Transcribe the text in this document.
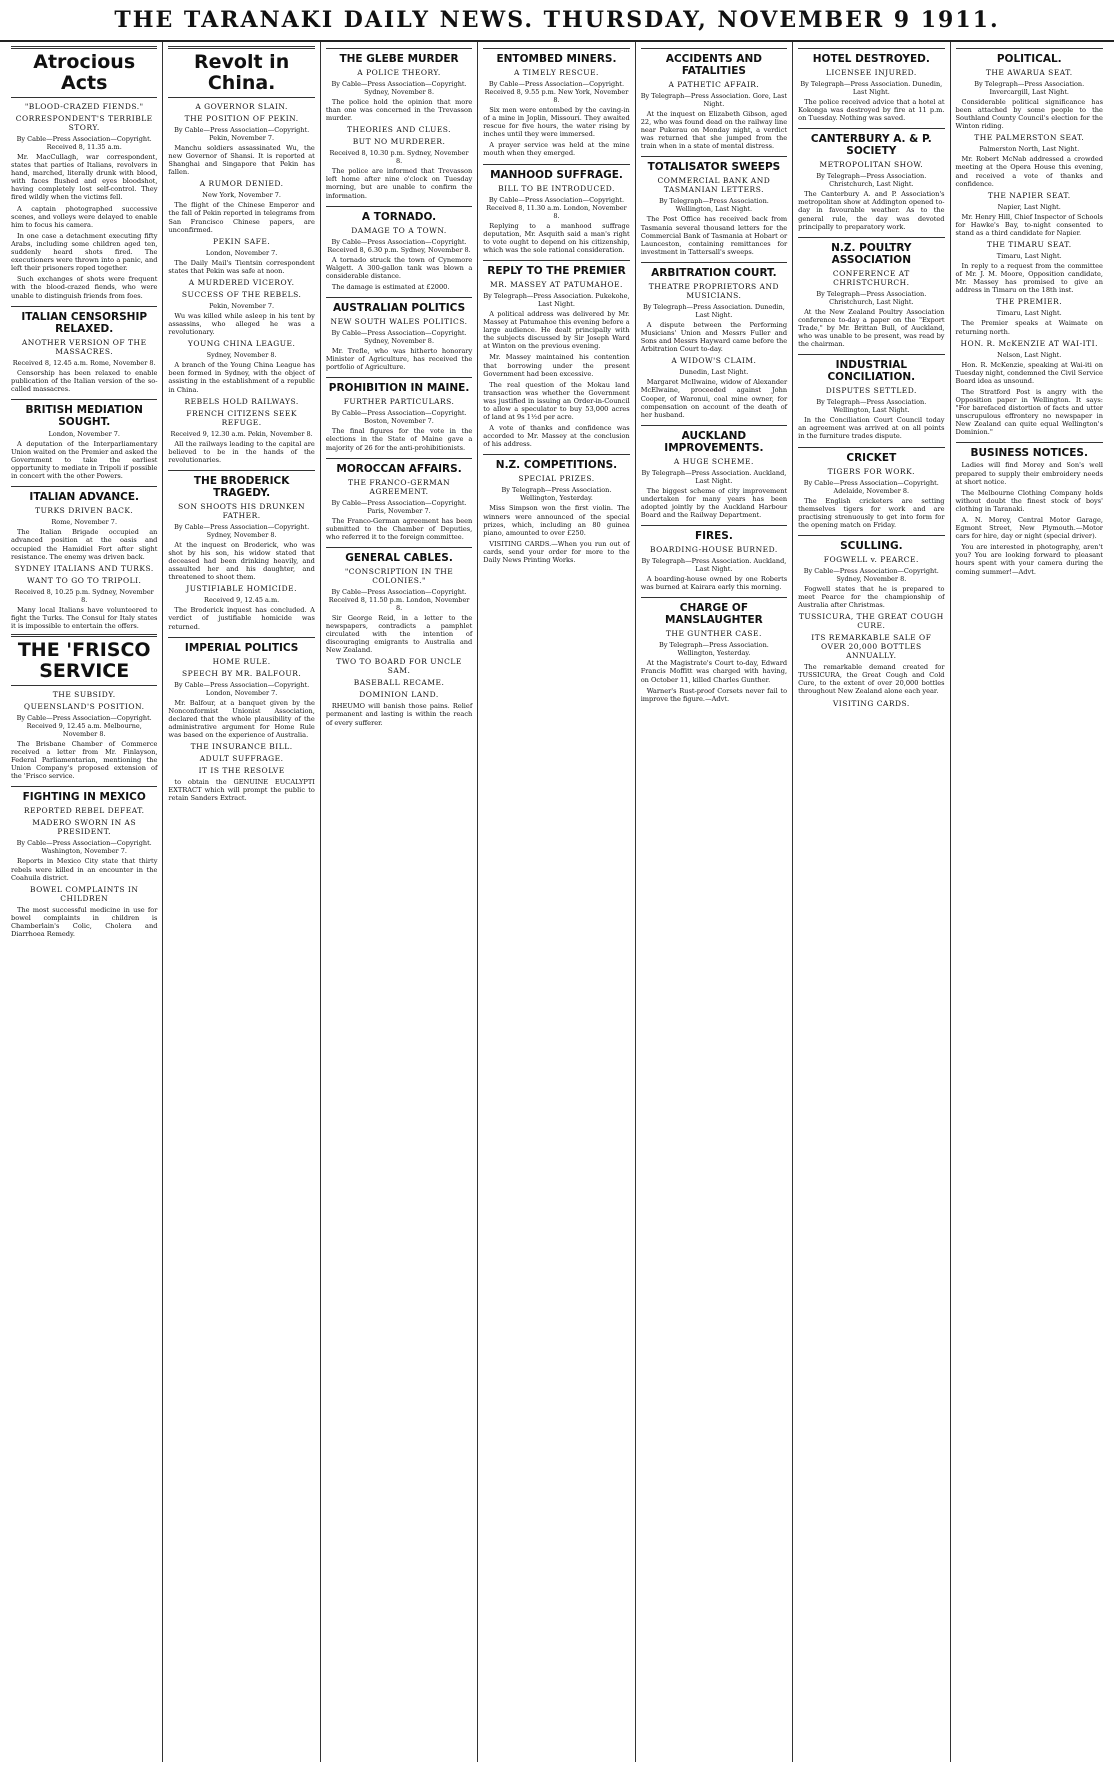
THE TARANAKI DAILY NEWS. THURSDAY, NOVEMBER 9 1911.
Atrocious Acts
"BLOOD-CRAZED FIENDS."
CORRESPONDENT'S TERRIBLE STORY.
By Cable—Press Association—Copyright. Received 8, 11.35 a.m.
Mr. MacCullagh, war correspondent, states that parties of Italians, revolvers in hand, marched, literally drunk with blood, with faces flushed and eyes bloodshot, having completely lost self-control. They fired wildly when the victims fell.
A captain photographed successive scenes, and volleys were delayed to enable him to focus his camera.
In one case a detachment executing fifty Arabs, including some children aged ten, suddenly heard shots fired. The executioners were thrown into a panic, and left their prisoners roped together.
Such exchanges of shots were frequent with the blood-crazed fiends, who were unable to distinguish friends from foes.
ITALIAN CENSORSHIP RELAXED.
ANOTHER VERSION OF THE MASSACRES.
Received 8, 12.45 a.m. Rome, November 8.
Censorship has been relaxed to enable publication of the Italian version of the so-called massacres.
BRITISH MEDIATION SOUGHT.
London, November 7.
A deputation of the Interparliamentary Union waited on the Premier and asked the Government to take the earliest opportunity to mediate in Tripoli if possible in concert with the other Powers.
ITALIAN ADVANCE.
TURKS DRIVEN BACK.
Rome, November 7.
The Italian Brigade occupied an advanced position at the oasis and occupied the Hamidiel Fort after slight resistance. The enemy was driven back.
SYDNEY ITALIANS AND TURKS.
WANT TO GO TO TRIPOLI.
Received 8, 10.25 p.m. Sydney, November 8.
Many local Italians have volunteered to fight the Turks. The Consul for Italy states it is impossible to entertain the offers.
THE 'FRISCO SERVICE
THE SUBSIDY.
QUEENSLAND'S POSITION.
By Cable—Press Association—Copyright. Received 9, 12.45 a.m. Melbourne, November 8.
The Brisbane Chamber of Commerce received a letter from Mr. Finlayson, Federal Parliamentarian, mentioning the Union Company's proposed extension of the 'Frisco service.
FIGHTING IN MEXICO
REPORTED REBEL DEFEAT.
MADERO SWORN IN AS PRESIDENT.
By Cable—Press Association—Copyright. Washington, November 7.
Reports in Mexico City state that thirty rebels were killed in an encounter in the Coahuila district.
BOWEL COMPLAINTS IN CHILDREN
The most successful medicine in use for bowel complaints in children is Chamberlain's Colic, Cholera and Diarrhoea Remedy.
Revolt in China.
A GOVERNOR SLAIN.
THE POSITION OF PEKIN.
By Cable—Press Association—Copyright. Pekin, November 7.
Manchu soldiers assassinated Wu, the new Governor of Shansi. It is reported at Shanghai and Singapore that Pekin has fallen.
A RUMOR DENIED.
New York, November 7.
The flight of the Chinese Emperor and the fall of Pekin reported in telegrams from San Francisco Chinese papers, are unconfirmed.
PEKIN SAFE.
London, November 7.
The Daily Mail's Tientsin correspondent states that Pekin was safe at noon.
A MURDERED VICEROY.
SUCCESS OF THE REBELS.
Pekin, November 7.
Wu was killed while asleep in his tent by assassins, who alleged he was a revolutionary.
YOUNG CHINA LEAGUE.
Sydney, November 8.
A branch of the Young China League has been formed in Sydney, with the object of assisting in the establishment of a republic in China.
REBELS HOLD RAILWAYS.
FRENCH CITIZENS SEEK REFUGE.
Received 9, 12.30 a.m. Pekin, November 8.
All the railways leading to the capital are believed to be in the hands of the revolutionaries.
THE BRODERICK TRAGEDY.
SON SHOOTS HIS DRUNKEN FATHER.
By Cable—Press Association—Copyright. Sydney, November 8.
At the inquest on Broderick, who was shot by his son, his widow stated that deceased had been drinking heavily, and assaulted her and his daughter, and threatened to shoot them.
JUSTIFIABLE HOMICIDE.
Received 9, 12.45 a.m.
The Broderick inquest has concluded. A verdict of justifiable homicide was returned.
IMPERIAL POLITICS
HOME RULE.
SPEECH BY MR. BALFOUR.
By Cable—Press Association—Copyright. London, November 7.
Mr. Balfour, at a banquet given by the Nonconformist Unionist Association, declared that the whole plausibility of the administrative argument for Home Rule was based on the experience of Australia.
THE INSURANCE BILL.
ADULT SUFFRAGE.
IT IS THE RESOLVE
to obtain the GENUINE EUCALYPTI EXTRACT which will prompt the public to retain Sanders Extract.
THE GLEBE MURDER
A POLICE THEORY.
By Cable—Press Association—Copyright. Sydney, November 8.
The police hold the opinion that more than one was concerned in the Trevasson murder.
THEORIES AND CLUES.
BUT NO MURDERER.
Received 8, 10.30 p.m. Sydney, November 8.
The police are informed that Trevasson left home after nine o'clock on Tuesday morning, but are unable to confirm the information.
A TORNADO.
DAMAGE TO A TOWN.
By Cable—Press Association—Copyright. Received 8, 6.30 p.m. Sydney, November 8.
A tornado struck the town of Cynemore Walgett. A 300-gallon tank was blown a considerable distance.
The damage is estimated at £2000.
AUSTRALIAN POLITICS
NEW SOUTH WALES POLITICS.
By Cable—Press Association—Copyright. Sydney, November 8.
Mr. Trefle, who was hitherto honorary Minister of Agriculture, has received the portfolio of Agriculture.
PROHIBITION IN MAINE.
FURTHER PARTICULARS.
By Cable—Press Association—Copyright. Boston, November 7.
The final figures for the vote in the elections in the State of Maine gave a majority of 26 for the anti-prohibitionists.
MOROCCAN AFFAIRS.
THE FRANCO-GERMAN AGREEMENT.
By Cable—Press Association—Copyright. Paris, November 7.
The Franco-German agreement has been submitted to the Chamber of Deputies, who referred it to the foreign committee.
GENERAL CABLES.
"CONSCRIPTION IN THE COLONIES."
By Cable—Press Association—Copyright. Received 8, 11.50 p.m. London, November 8.
Sir George Reid, in a letter to the newspapers, contradicts a pamphlet circulated with the intention of discouraging emigrants to Australia and New Zealand.
TWO TO BOARD FOR UNCLE SAM.
BASEBALL RECAME.
DOMINION LAND.
RHEUMO will banish those pains. Relief permanent and lasting is within the reach of every sufferer.
ENTOMBED MINERS.
A TIMELY RESCUE.
By Cable—Press Association—Copyright. Received 8, 9.55 p.m. New York, November 8.
Six men were entombed by the caving-in of a mine in Joplin, Missouri. They awaited rescue for five hours, the water rising by inches until they were immersed.
A prayer service was held at the mine mouth when they emerged.
MANHOOD SUFFRAGE.
BILL TO BE INTRODUCED.
By Cable—Press Association—Copyright. Received 8, 11.30 a.m. London, November 8.
Replying to a manhood suffrage deputation, Mr. Asquith said a man's right to vote ought to depend on his citizenship, which was the sole rational consideration.
REPLY TO THE PREMIER
MR. MASSEY AT PATUMAHOE.
By Telegraph—Press Association. Pukekohe, Last Night.
A political address was delivered by Mr. Massey at Patumahoe this evening before a large audience. He dealt principally with the subjects discussed by Sir Joseph Ward at Winton on the previous evening.
Mr. Massey maintained his contention that borrowing under the present Government had been excessive.
The real question of the Mokau land transaction was whether the Government was justified in issuing an Order-in-Council to allow a speculator to buy 53,000 acres of land at 9s 1½d per acre.
A vote of thanks and confidence was accorded to Mr. Massey at the conclusion of his address.
N.Z. COMPETITIONS.
SPECIAL PRIZES.
By Telegraph—Press Association. Wellington, Yesterday.
Miss Simpson won the first violin. The winners were announced of the special prizes, which, including an 80 guinea piano, amounted to over £250.
VISITING CARDS.—When you run out of cards, send your order for more to the Daily News Printing Works.
ACCIDENTS AND FATALITIES
A PATHETIC AFFAIR.
By Telegraph—Press Association. Gore, Last Night.
At the inquest on Elizabeth Gibson, aged 22, who was found dead on the railway line near Pukerau on Monday night, a verdict was returned that she jumped from the train when in a state of mental distress.
TOTALISATOR SWEEPS
COMMERCIAL BANK AND TASMANIAN LETTERS.
By Telegraph—Press Association. Wellington, Last Night.
The Post Office has received back from Tasmania several thousand letters for the Commercial Bank of Tasmania at Hobart or Launceston, containing remittances for investment in Tattersall's sweeps.
ARBITRATION COURT.
THEATRE PROPRIETORS AND MUSICIANS.
By Telegraph—Press Association. Dunedin, Last Night.
A dispute between the Performing Musicians' Union and Messrs Fuller and Sons and Messrs Hayward came before the Arbitration Court to-day.
A WIDOW'S CLAIM.
Dunedin, Last Night.
Margaret McIlwaine, widow of Alexander McElwaine, proceeded against John Cooper, of Waronui, coal mine owner, for compensation on account of the death of her husband.
AUCKLAND IMPROVEMENTS.
A HUGE SCHEME.
By Telegraph—Press Association. Auckland, Last Night.
The biggest scheme of city improvement undertaken for many years has been adopted jointly by the Auckland Harbour Board and the Railway Department.
FIRES.
BOARDING-HOUSE BURNED.
By Telegraph—Press Association. Auckland, Last Night.
A boarding-house owned by one Roberts was burned at Kairara early this morning.
CHARGE OF MANSLAUGHTER
THE GUNTHER CASE.
By Telegraph—Press Association. Wellington, Yesterday.
At the Magistrate's Court to-day, Edward Francis Moffitt was charged with having, on October 11, killed Charles Gunther.
Warner's Rust-proof Corsets never fail to improve the figure.—Advt.
HOTEL DESTROYED.
LICENSEE INJURED.
By Telegraph—Press Association. Dunedin, Last Night.
The police received advice that a hotel at Kokonga was destroyed by fire at 11 p.m. on Tuesday. Nothing was saved.
CANTERBURY A. & P. SOCIETY
METROPOLITAN SHOW.
By Telegraph—Press Association. Christchurch, Last Night.
The Canterbury A. and P. Association's metropolitan show at Addington opened to-day in favourable weather. As to the general rule, the day was devoted principally to preparatory work.
N.Z. POULTRY ASSOCIATION
CONFERENCE AT CHRISTCHURCH.
By Telegraph—Press Association. Christchurch, Last Night.
At the New Zealand Poultry Association conference to-day a paper on the "Export Trade," by Mr. Brittan Bull, of Auckland, who was unable to be present, was read by the chairman.
INDUSTRIAL CONCILIATION.
DISPUTES SETTLED.
By Telegraph—Press Association. Wellington, Last Night.
In the Conciliation Court Council today an agreement was arrived at on all points in the furniture trades dispute.
CRICKET
TIGERS FOR WORK.
By Cable—Press Association—Copyright. Adelaide, November 8.
The English cricketers are setting themselves tigers for work and are practising strenuously to get into form for the opening match on Friday.
SCULLING.
FOGWELL v. PEARCE.
By Cable—Press Association—Copyright. Sydney, November 8.
Fogwell states that he is prepared to meet Pearce for the championship of Australia after Christmas.
TUSSICURA, THE GREAT COUGH CURE.
ITS REMARKABLE SALE OF OVER 20,000 BOTTLES ANNUALLY.
The remarkable demand created for TUSSICURA, the Great Cough and Cold Cure, to the extent of over 20,000 bottles throughout New Zealand alone each year.
VISITING CARDS.
POLITICAL.
THE AWARUA SEAT.
By Telegraph—Press Association. Invercargill, Last Night.
Considerable political significance has been attached by some people to the Southland County Council's election for the Winton riding.
THE PALMERSTON SEAT.
Palmerston North, Last Night.
Mr. Robert McNab addressed a crowded meeting at the Opera House this evening, and received a vote of thanks and confidence.
THE NAPIER SEAT.
Napier, Last Night.
Mr. Henry Hill, Chief Inspector of Schools for Hawke's Bay, to-night consented to stand as a third candidate for Napier.
THE TIMARU SEAT.
Timaru, Last Night.
In reply to a request from the committee of Mr. J. M. Moore, Opposition candidate, Mr. Massey has promised to give an address in Timaru on the 18th inst.
THE PREMIER.
Timaru, Last Night.
The Premier speaks at Waimate on returning north.
HON. R. McKENZIE AT WAI-ITI.
Nelson, Last Night.
Hon. R. McKenzie, speaking at Wai-iti on Tuesday night, condemned the Civil Service Board idea as unsound.
The Stratford Post is angry with the Opposition paper in Wellington. It says: "For barefaced distortion of facts and utter unscrupulous effrontery no newspaper in New Zealand can quite equal Wellington's Dominion."
BUSINESS NOTICES.
Ladies will find Morey and Son's well prepared to supply their embroidery needs at short notice.
The Melbourne Clothing Company holds without doubt the finest stock of boys' clothing in Taranaki.
A. N. Morey, Central Motor Garage, Egmont Street, New Plymouth.—Motor cars for hire, day or night (special driver).
You are interested in photography, aren't you? You are looking forward to pleasant hours spent with your camera during the coming summer!—Advt.
